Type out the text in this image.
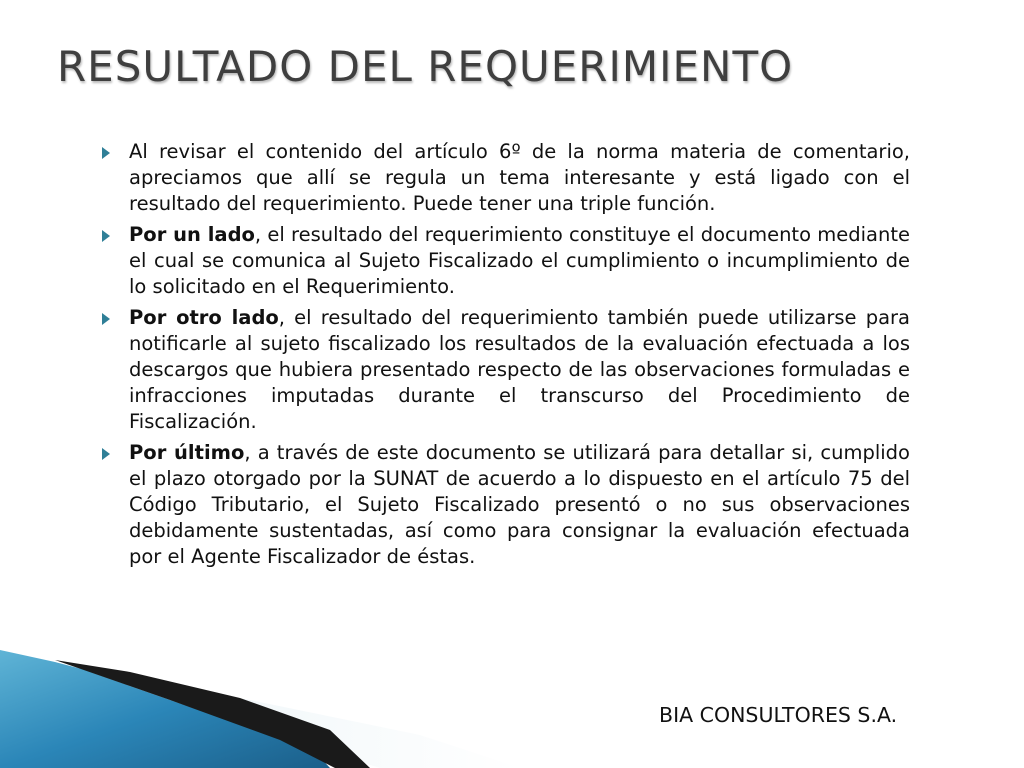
RESULTADO DEL REQUERIMIENTO
Al revisar el contenido del artículo 6º de la norma materia de comentario, apreciamos que allí se regula un tema interesante y está ligado con el resultado del requerimiento. Puede tener una triple función.
Por un lado, el resultado del requerimiento constituye el documento mediante el cual se comunica al Sujeto Fiscalizado el cumplimiento o incumplimiento de lo solicitado en el Requerimiento.
Por otro lado, el resultado del requerimiento también puede utilizarse para notificarle al sujeto fiscalizado los resultados de la evaluación efectuada a los descargos que hubiera presentado respecto de las observaciones formuladas e infracciones imputadas durante el transcurso del Procedimiento de Fiscalización.
Por último, a través de este documento se utilizará para detallar si, cumplido el plazo otorgado por la SUNAT de acuerdo a lo dispuesto en el artículo 75 del Código Tributario, el Sujeto Fiscalizado presentó o no sus observaciones debidamente sustentadas, así como para consignar la evaluación efectuada por el Agente Fiscalizador de éstas.
BIA CONSULTORES S.A.
